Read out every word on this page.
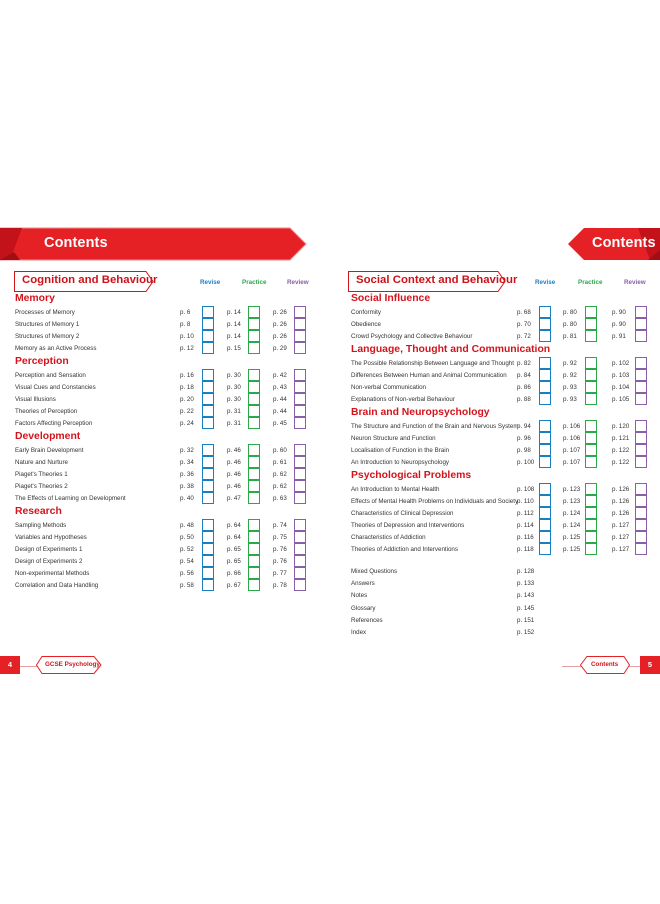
Contents
Cognition and Behaviour	Revise	Practice	Review
Memory
Processes of Memory	p. 6	p. 14	p. 26
Structures of Memory 1	p. 8	p. 14	p. 26
Structures of Memory 2	p. 10	p. 14	p. 26
Memory as an Active Process	p. 12	p. 15	p. 29
Perception
Perception and Sensation	p. 16	p. 30	p. 42
Visual Cues and Constancies	p. 18	p. 30	p. 43
Visual Illusions	p. 20	p. 30	p. 44
Theories of Perception	p. 22	p. 31	p. 44
Factors Affecting Perception	p. 24	p. 31	p. 45
Development
Early Brain Development	p. 32	p. 46	p. 60
Nature and Nurture	p. 34	p. 46	p. 61
Piaget's Theories 1	p. 36	p. 46	p. 62
Piaget's Theories 2	p. 38	p. 46	p. 62
The Effects of Learning on Development	p. 40	p. 47	p. 63
Research
Sampling Methods	p. 48	p. 64	p. 74
Variables and Hypotheses	p. 50	p. 64	p. 75
Design of Experiments 1	p. 52	p. 65	p. 76
Design of Experiments 2	p. 54	p. 65	p. 76
Non-experimental Methods	p. 56	p. 66	p. 77
Correlation and Data Handling	p. 58	p. 67	p. 78
4	GCSE Psychology
Contents
Social Context and Behaviour	Revise	Practice	Review
Social Influence
Conformity	p. 68	p. 80	p. 90
Obedience	p. 70	p. 80	p. 90
Crowd Psychology and Collective Behaviour	p. 72	p. 81	p. 91
Language, Thought and Communication
The Possible Relationship Between Language and Thought p. 82	p. 92	p. 102
Differences Between Human and Animal Communication p. 84	p. 92	p. 103
Non-verbal Communication	p. 86	p. 93	p. 104
Explanations of Non-verbal Behaviour	p. 88	p. 93	p. 105
Brain and Neuropsychology
The Structure and Function of the Brain and Nervous System
p. 94	p. 106	p. 120
Neuron Structure and Function	p. 96	p. 106	p. 121
Localisation of Function in the Brain	p. 98	p. 107	p. 122
An Introduction to Neuropsychology	p. 100	p. 107	p. 122
Psychological Problems
An Introduction to Mental Health	p. 108	p. 123	p. 126
Effects of Mental Health Problems on Individuals and Society
p. 110	p. 123	p. 126
Characteristics of Clinical Depression	p. 112	p. 124	p. 126
Theories of Depression and Interventions	p. 114	p. 124	p. 127
Characteristics of Addiction	p. 116	p. 125	p. 127
Theories of Addiction and Interventions	p. 118	p. 125	p. 127
Mixed Questions	p. 128
Answers	p. 133
Notes	p. 143
Glossary	p. 145
References	p. 151
Index	p. 152
Contents	5
